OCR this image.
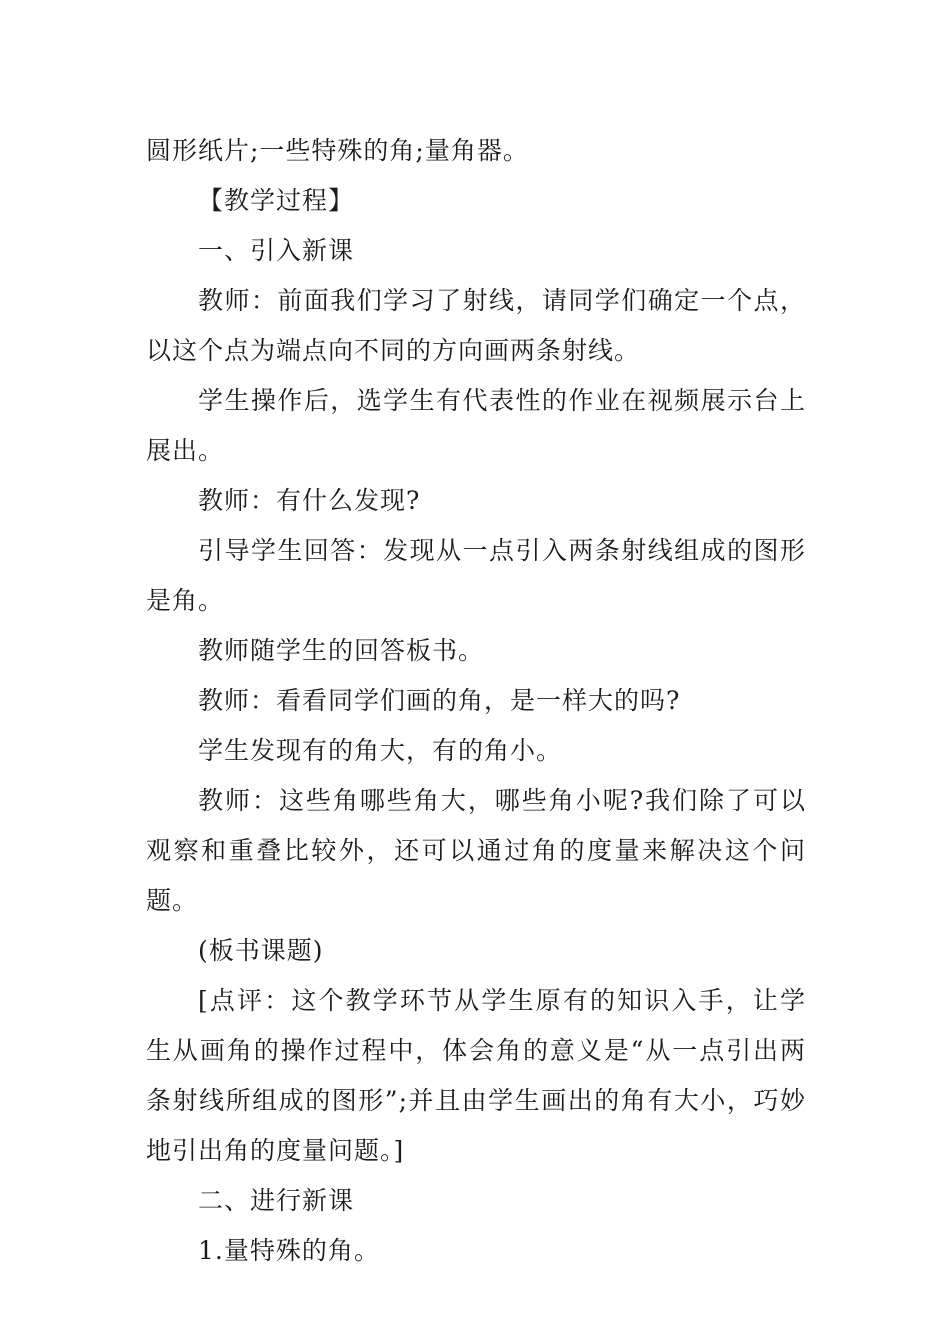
圆形纸片;一些特殊的角;量角器。

【教学过程】

一、引入新课

教师：前面我们学习了射线，请同学们确定一个点，以这个点为端点向不同的方向画两条射线。

学生操作后，选学生有代表性的作业在视频展示台上展出。

教师：有什么发现?

引导学生回答：发现从一点引入两条射线组成的图形是角。

教师随学生的回答板书。

教师：看看同学们画的角，是一样大的吗?

学生发现有的角大，有的角小。

教师：这些角哪些角大，哪些角小呢?我们除了可以观察和重叠比较外，还可以通过角的度量来解决这个问题。

(板书课题)

[点评：这个教学环节从学生原有的知识入手，让学生从画角的操作过程中，体会角的意义是“从一点引出两条射线所组成的图形”;并且由学生画出的角有大小，巧妙地引出角的度量问题。]

二、进行新课

1.量特殊的角。
